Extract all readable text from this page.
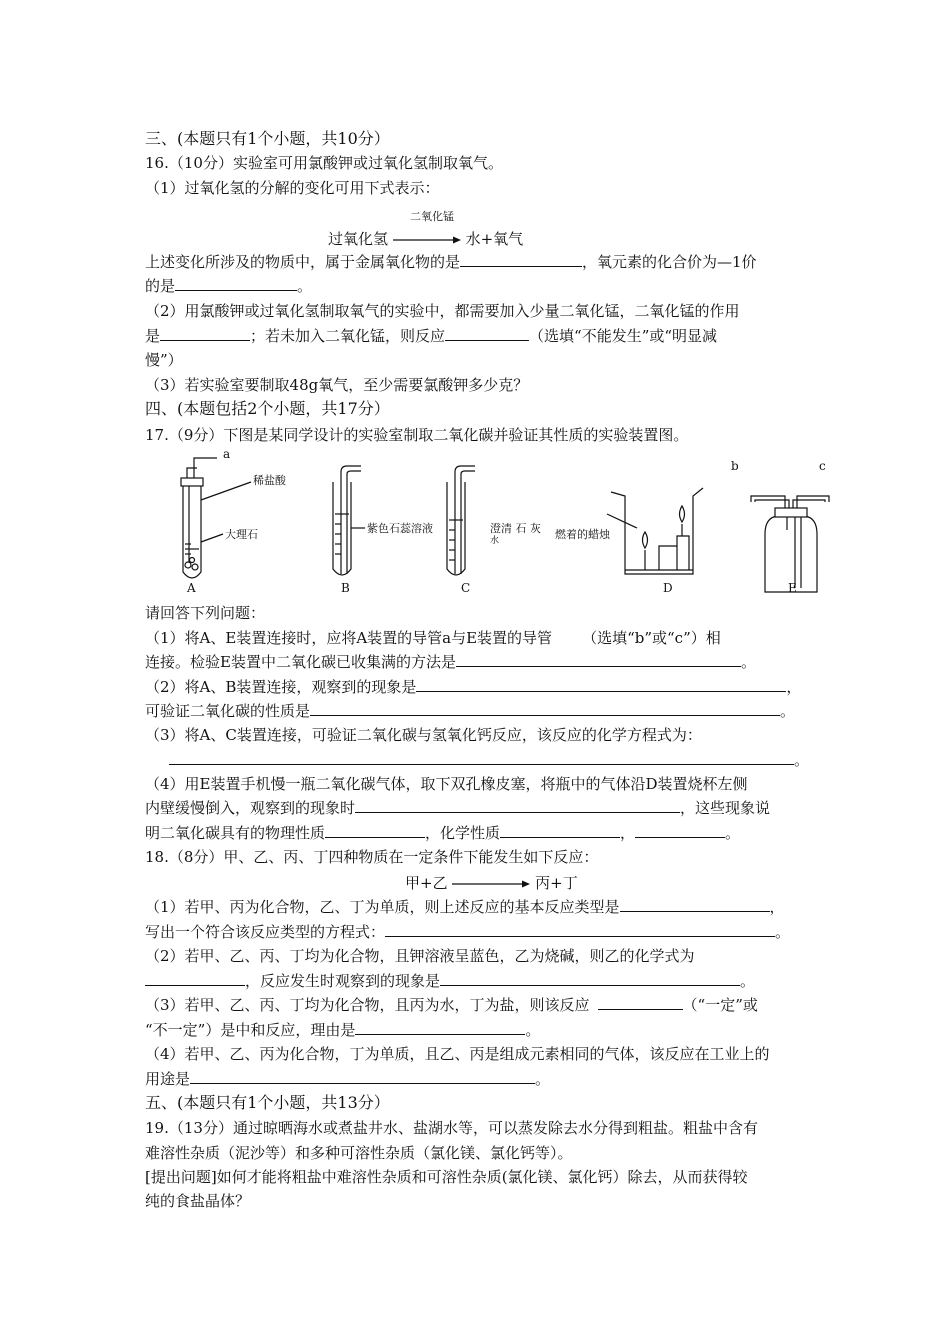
三、(本题只有1个小题，共10分）
16.（10分）实验室可用氯酸钾或过氧化氢制取氧气。
（1）过氧化氢的分解的变化可用下式表示：
二氧化锰
过氧化氢	水+氧气
上述变化所涉及的物质中，属于金属氧化物的是	，氧元素的化合价为—1价
的是	。
（2）用氯酸钾或过氧化氢制取氧气的实验中，都需要加入少量二氧化锰，二氧化锰的作用
是	；若未加入二氧化锰，则反应	（选填“不能发生”或“明显减
慢”）
（3）若实验室要制取48g氧气，至少需要氯酸钾多少克？
四、(本题包括2个小题，共17分）
17.（9分）下图是某同学设计的实验室制取二氧化碳并验证其性质的实验装置图。
a
b	c
稀盐酸
大理石	紫色石蕊溶液	澄清 石 灰
水	燃着的蜡烛
A	B	C	D	E
请回答下列问题：
（1）将A、E装置连接时，应将A装置的导管a与E装置的导管 （选填“b”或“c”）相
连接。检验E装置中二氧化碳已收集满的方法是	。
（2）将A、B装置连接，观察到的现象是	，
可验证二氧化碳的性质是	。
（3）将A、C装置连接，可验证二氧化碳与氢氧化钙反应，该反应的化学方程式为：
。
（4）用E装置手机慢一瓶二氧化碳气体，取下双孔橡皮塞，将瓶中的气体沿D装置烧杯左侧
内壁缓慢倒入，观察到的现象时	，这些现象说
明二氧化碳具有的物理性质	，化学性质	，	。
18.（8分）甲、乙、丙、丁四种物质在一定条件下能发生如下反应：
甲+乙	丙+丁
（1）若甲、丙为化合物，乙、丁为单质，则上述反应的基本反应类型是	，
写出一个符合该反应类型的方程式：	。
（2）若甲、乙、丙、丁均为化合物，且钾溶液呈蓝色，乙为烧碱，则乙的化学式为
，反应发生时观察到的现象是	。
（3）若甲、乙、丙、丁均为化合物，且丙为水，丁为盐，则该反应	（“一定”或
“不一定”）是中和反应，理由是	。
（4）若甲、乙、丙为化合物，丁为单质，且乙、丙是组成元素相同的气体，该反应在工业上的
用途是	。
五、(本题只有1个小题，共13分）
19.（13分）通过晾晒海水或煮盐井水、盐湖水等，可以蒸发除去水分得到粗盐。粗盐中含有
难溶性杂质（泥沙等）和多种可溶性杂质（氯化镁、氯化钙等）。
[提出问题]如何才能将粗盐中难溶性杂质和可溶性杂质(氯化镁、氯化钙）除去，从而获得较
纯的食盐晶体？
